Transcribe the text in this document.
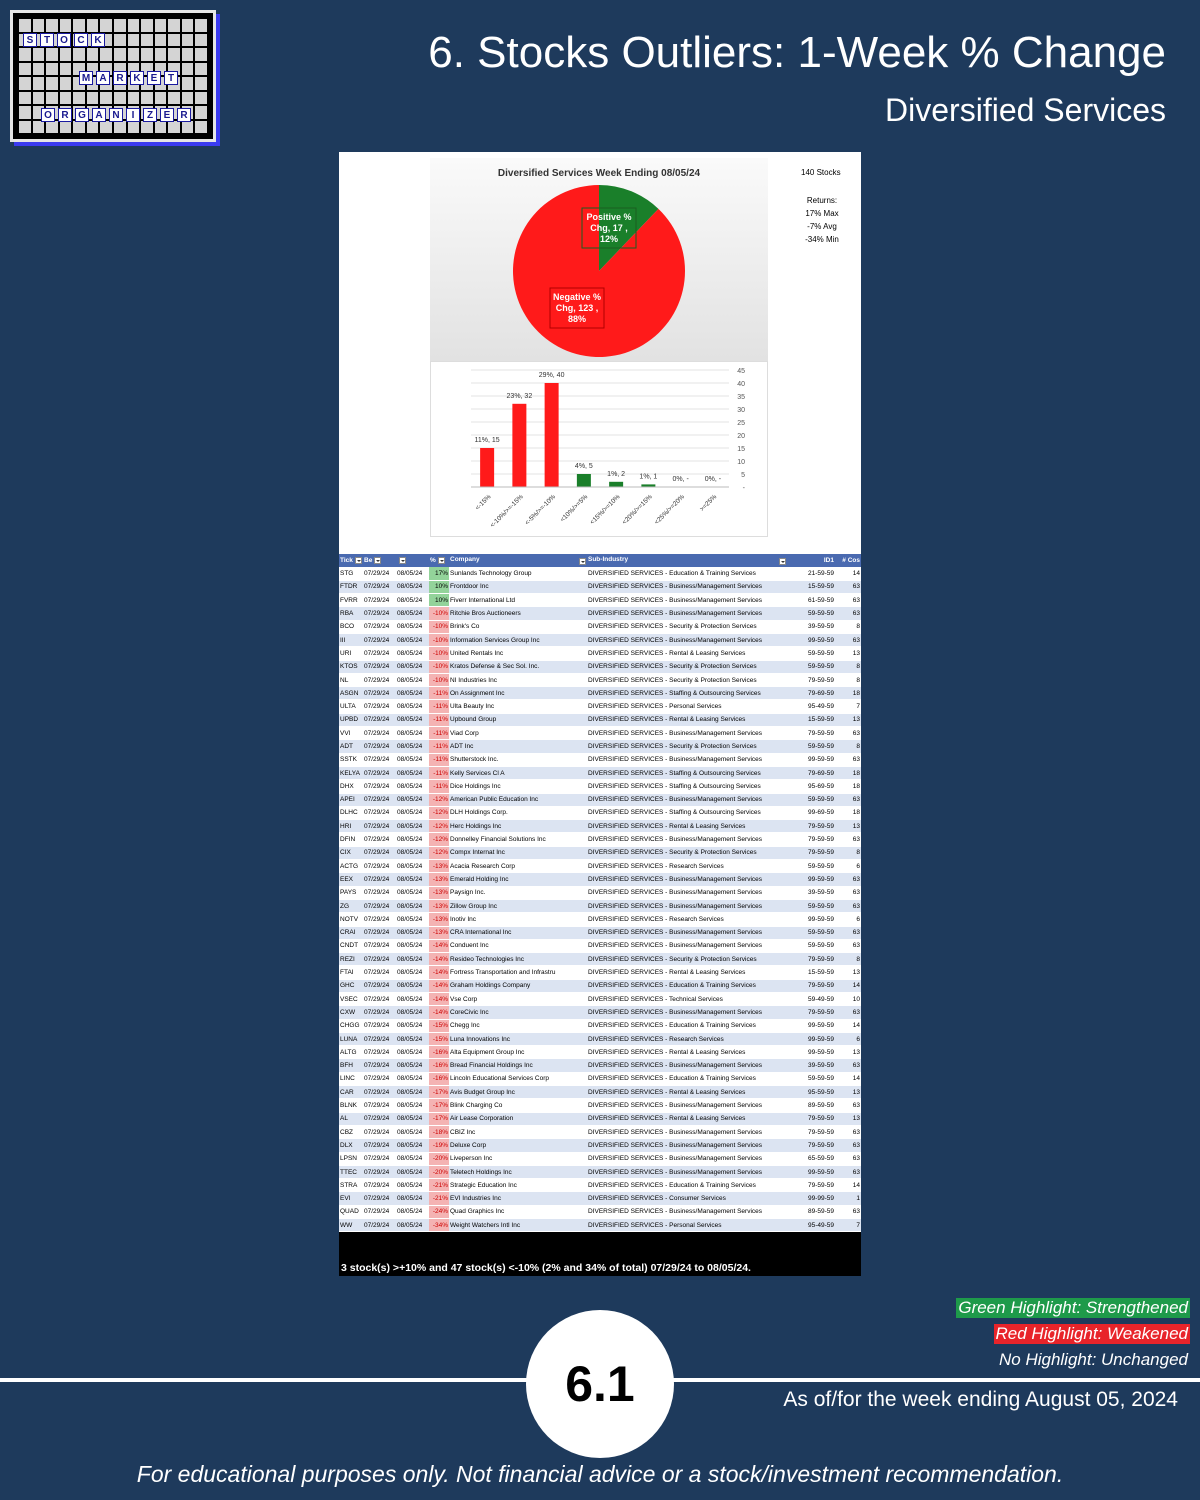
S	T	O C K
M A R K	E	T
O R G A N	I	Z	E	R
6. Stocks Outliers: 1-Week % Change
Diversified Services
Positive %
Chg, 17 ,
12%
Negative %
Chg, 123 ,
88%
Diversified Services Week Ending 08/05/24	140 Stocks
Returns:
17% Max
-7% Avg
-34% Min
-
5
10
15
20
25
30
35
40
45
11%, 15
<-15%
23%, 32
<-10%/>=-15%
29%, 40
<-5%/>=-10%
4%, 5
<10%/>=5%
1%, 2
<15%/>=10%
1%, 1
<20%/>=15%
0%, -
<25%/>=20%
0%, -
>=25%
Tick	Be		%	Company	Sub-Industry	ID1	# Cos
STG	07/29/24	08/05/24	17%	Sunlands Technology Group	DIVERSIFIED SERVICES - Education & Training Services	21-59-59	14
FTDR	07/29/24	08/05/24	10%	Frontdoor Inc	DIVERSIFIED SERVICES - Business/Management Services	15-59-59	63
FVRR	07/29/24	08/05/24	10%	Fiverr International Ltd	DIVERSIFIED SERVICES - Business/Management Services	61-59-59	63
RBA	07/29/24	08/05/24	-10%	Ritchie Bros Auctioneers	DIVERSIFIED SERVICES - Business/Management Services	59-59-59	63
BCO	07/29/24	08/05/24	-10%	Brink's Co	DIVERSIFIED SERVICES - Security & Protection Services	39-59-59	8
III	07/29/24	08/05/24	-10%	Information Services Group Inc	DIVERSIFIED SERVICES - Business/Management Services	99-59-59	63
URI	07/29/24	08/05/24	-10%	United Rentals Inc	DIVERSIFIED SERVICES - Rental & Leasing Services	59-59-59	13
KTOS	07/29/24	08/05/24	-10%	Kratos Defense & Sec Sol. Inc.	DIVERSIFIED SERVICES - Security & Protection Services	59-59-59	8
NL	07/29/24	08/05/24	-10%	NI Industries Inc	DIVERSIFIED SERVICES - Security & Protection Services	79-59-59	8
ASGN	07/29/24	08/05/24	-11%	On Assignment Inc	DIVERSIFIED SERVICES - Staffing & Outsourcing Services	79-69-59	18
ULTA	07/29/24	08/05/24	-11%	Ulta Beauty Inc	DIVERSIFIED SERVICES - Personal Services	95-49-59	7
UPBD	07/29/24	08/05/24	-11%	Upbound Group	DIVERSIFIED SERVICES - Rental & Leasing Services	15-59-59	13
VVI	07/29/24	08/05/24	-11%	Viad Corp	DIVERSIFIED SERVICES - Business/Management Services	79-59-59	63
ADT	07/29/24	08/05/24	-11%	ADT Inc	DIVERSIFIED SERVICES - Security & Protection Services	59-59-59	8
SSTK	07/29/24	08/05/24	-11%	Shutterstock Inc.	DIVERSIFIED SERVICES - Business/Management Services	99-59-59	63
KELYA	07/29/24	08/05/24	-11%	Kelly Services Cl A	DIVERSIFIED SERVICES - Staffing & Outsourcing Services	79-69-59	18
DHX	07/29/24	08/05/24	-11%	Dice Holdings Inc	DIVERSIFIED SERVICES - Staffing & Outsourcing Services	95-69-59	18
APEI	07/29/24	08/05/24	-12%	American Public Education Inc	DIVERSIFIED SERVICES - Business/Management Services	59-59-59	63
DLHC	07/29/24	08/05/24	-12%	DLH Holdings Corp.	DIVERSIFIED SERVICES - Staffing & Outsourcing Services	99-69-59	18
HRI	07/29/24	08/05/24	-12%	Herc Holdings Inc	DIVERSIFIED SERVICES - Rental & Leasing Services	79-59-59	13
DFIN	07/29/24	08/05/24	-12%	Donnelley Financial Solutions Inc	DIVERSIFIED SERVICES - Business/Management Services	79-59-59	63
CIX	07/29/24	08/05/24	-12%	Compx Internat Inc	DIVERSIFIED SERVICES - Security & Protection Services	79-59-59	8
ACTG	07/29/24	08/05/24	-13%	Acacia Research Corp	DIVERSIFIED SERVICES - Research Services	59-59-59	6
EEX	07/29/24	08/05/24	-13%	Emerald Holding Inc	DIVERSIFIED SERVICES - Business/Management Services	99-59-59	63
PAYS	07/29/24	08/05/24	-13%	Paysign Inc.	DIVERSIFIED SERVICES - Business/Management Services	39-59-59	63
ZG	07/29/24	08/05/24	-13%	Zillow Group Inc	DIVERSIFIED SERVICES - Business/Management Services	59-59-59	63
NOTV	07/29/24	08/05/24	-13%	Inotiv Inc	DIVERSIFIED SERVICES - Research Services	99-59-59	6
CRAI	07/29/24	08/05/24	-13%	CRA International Inc	DIVERSIFIED SERVICES - Business/Management Services	59-59-59	63
CNDT	07/29/24	08/05/24	-14%	Conduent Inc	DIVERSIFIED SERVICES - Business/Management Services	59-59-59	63
REZI	07/29/24	08/05/24	-14%	Resideo Technologies Inc	DIVERSIFIED SERVICES - Security & Protection Services	79-59-59	8
FTAI	07/29/24	08/05/24	-14%	Fortress Transportation and Infrastru	DIVERSIFIED SERVICES - Rental & Leasing Services	15-59-59	13
GHC	07/29/24	08/05/24	-14%	Graham Holdings Company	DIVERSIFIED SERVICES - Education & Training Services	79-59-59	14
VSEC	07/29/24	08/05/24	-14%	Vse Corp	DIVERSIFIED SERVICES - Technical Services	59-49-59	10
CXW	07/29/24	08/05/24	-14%	CoreCivic Inc	DIVERSIFIED SERVICES - Business/Management Services	79-59-59	63
CHGG	07/29/24	08/05/24	-15%	Chegg Inc	DIVERSIFIED SERVICES - Education & Training Services	99-59-59	14
LUNA	07/29/24	08/05/24	-15%	Luna Innovations Inc	DIVERSIFIED SERVICES - Research Services	99-59-59	6
ALTG	07/29/24	08/05/24	-16%	Alta Equipment Group Inc	DIVERSIFIED SERVICES - Rental & Leasing Services	99-59-59	13
BFH	07/29/24	08/05/24	-16%	Bread Financial Holdings Inc	DIVERSIFIED SERVICES - Business/Management Services	39-59-59	63
LINC	07/29/24	08/05/24	-16%	Lincoln Educational Services Corp	DIVERSIFIED SERVICES - Education & Training Services	59-59-59	14
CAR	07/29/24	08/05/24	-17%	Avis Budget Group Inc	DIVERSIFIED SERVICES - Rental & Leasing Services	95-59-59	13
BLNK	07/29/24	08/05/24	-17%	Blink Charging Co	DIVERSIFIED SERVICES - Business/Management Services	89-59-59	63
AL	07/29/24	08/05/24	-17%	Air Lease Corporation	DIVERSIFIED SERVICES - Rental & Leasing Services	79-59-59	13
CBZ	07/29/24	08/05/24	-18%	CBIZ Inc	DIVERSIFIED SERVICES - Business/Management Services	79-59-59	63
DLX	07/29/24	08/05/24	-19%	Deluxe Corp	DIVERSIFIED SERVICES - Business/Management Services	79-59-59	63
LPSN	07/29/24	08/05/24	-20%	Liveperson Inc	DIVERSIFIED SERVICES - Business/Management Services	65-59-59	63
TTEC	07/29/24	08/05/24	-20%	Teletech Holdings Inc	DIVERSIFIED SERVICES - Business/Management Services	99-59-59	63
STRA	07/29/24	08/05/24	-21%	Strategic Education Inc	DIVERSIFIED SERVICES - Education & Training Services	79-59-59	14
EVI	07/29/24	08/05/24	-21%	EVI Industries Inc	DIVERSIFIED SERVICES - Consumer Services	99-99-59	1
QUAD	07/29/24	08/05/24	-24%	Quad Graphics Inc	DIVERSIFIED SERVICES - Business/Management Services	89-59-59	63
WW	07/29/24	08/05/24	-34%	Weight Watchers Intl Inc	DIVERSIFIED SERVICES - Personal Services	95-49-59	7
3 stock(s) >+10% and 47 stock(s) <-10% (2% and 34% of total) 07/29/24 to 08/05/24.
Green Highlight: Strengthened
Red Highlight: Weakened
No Highlight: Unchanged
6.1	As of/for the week ending August 05, 2024
For educational purposes only. Not financial advice or a stock/investment recommendation.
